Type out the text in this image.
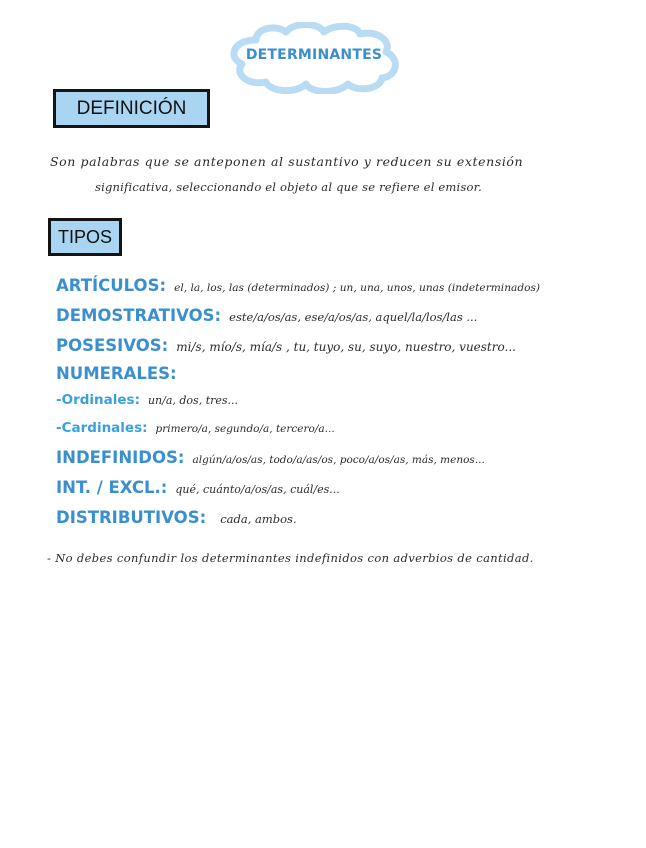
DETERMINANTES
DEFINICIÓN
Son palabras que se anteponen al sustantivo y reducen su extensión
significativa, seleccionando el objeto al que se refiere el emisor.
TIPOS
ARTÍCULOS: el, la, los, las (determinados) ; un, una, unos, unas (indeterminados)
DEMOSTRATIVOS: este/a/os/as, ese/a/os/as, aquel/la/los/las ...
POSESIVOS: mi/s, mío/s, mía/s , tu, tuyo, su, suyo, nuestro, vuestro...
NUMERALES:
-Ordinales: un/a, dos, tres...
-Cardinales: primero/a, segundo/a, tercero/a...
INDEFINIDOS: algún/a/os/as, todo/a/as/os, poco/a/os/as, más, menos...
INT. / EXCL.: qué, cuánto/a/os/as, cuál/es...
DISTRIBUTIVOS: cada, ambos.
- No debes confundir los determinantes indefinidos con adverbios de cantidad.
